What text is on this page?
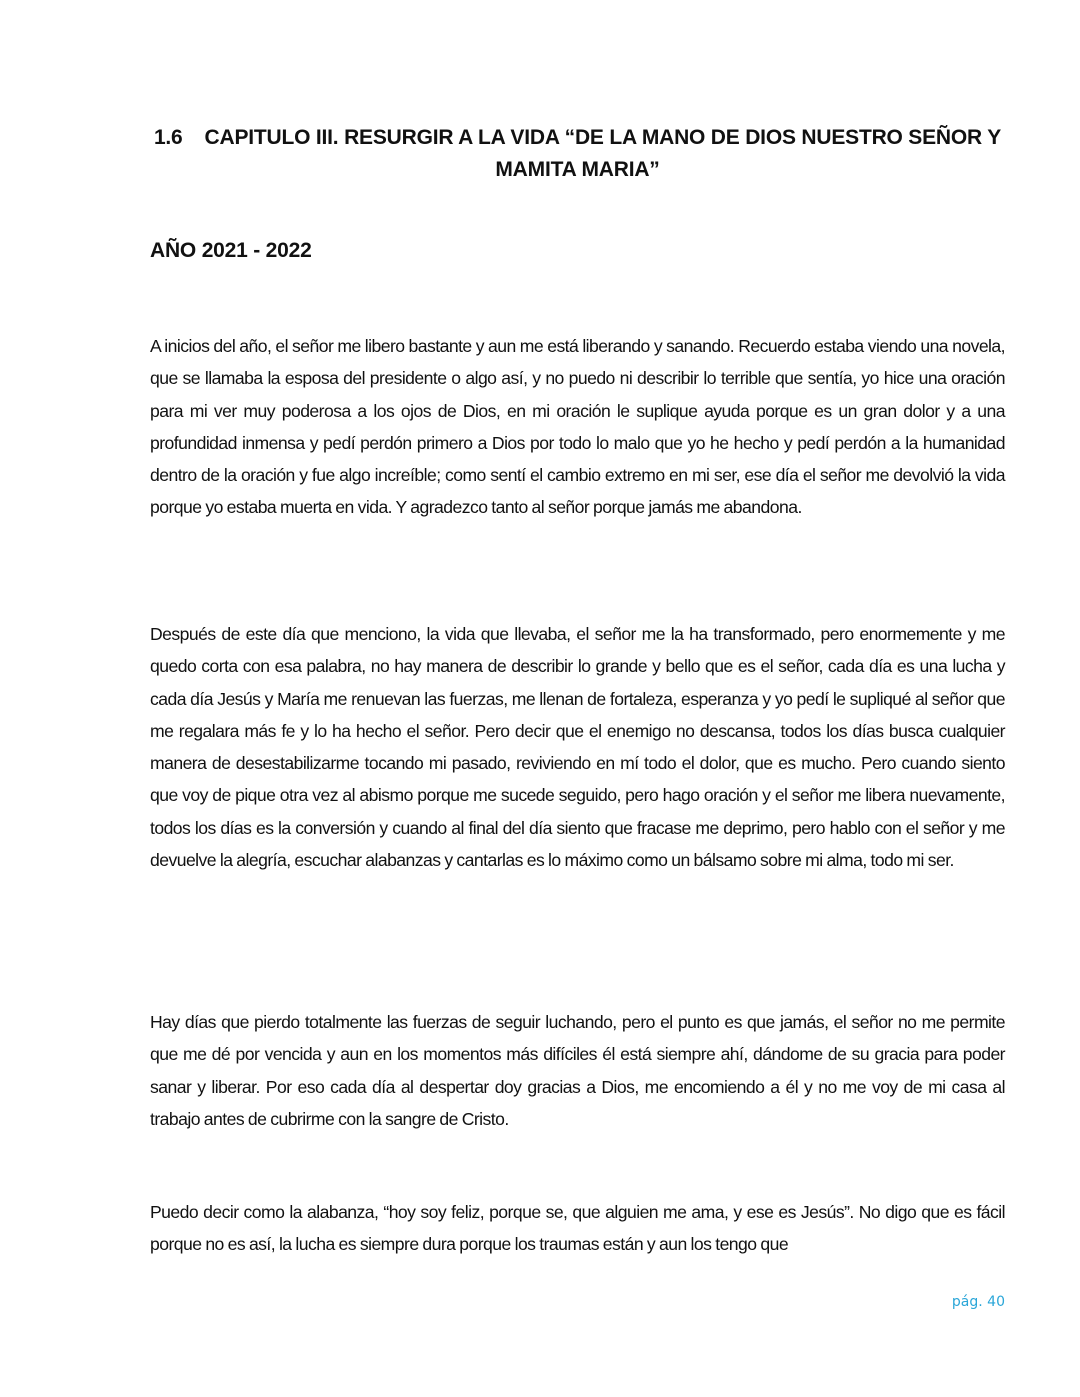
1.6 CAPITULO III. RESURGIR A LA VIDA “DE LA MANO DE DIOS NUESTRO SEÑOR Y MAMITA MARIA”
AÑO 2021 - 2022

A inicios del año, el señor me libero bastante y aun me está liberando y sanando. Recuerdo estaba viendo una novela, que se llamaba la esposa del presidente o algo así, y no puedo ni describir lo terrible que sentía, yo hice una oración para mi ver muy poderosa a los ojos de Dios, en mi oración le suplique ayuda porque es un gran dolor y a una profundidad inmensa y pedí perdón primero a Dios por todo lo malo que yo he hecho y pedí perdón a la humanidad dentro de la oración y fue algo increíble; como sentí el cambio extremo en mi ser, ese día el señor me devolvió la vida porque yo estaba muerta en vida. Y agradezco tanto al señor porque jamás me abandona.

Después de este día que menciono, la vida que llevaba, el señor me la ha transformado, pero enormemente y me quedo corta con esa palabra, no hay manera de describir lo grande y bello que es el señor, cada día es una lucha y cada día Jesús y María me renuevan las fuerzas, me llenan de fortaleza, esperanza y yo pedí le supliqué al señor que me regalara más fe y lo ha hecho el señor. Pero decir que el enemigo no descansa, todos los días busca cualquier manera de desestabilizarme tocando mi pasado, reviviendo en mí todo el dolor, que es mucho. Pero cuando siento que voy de pique otra vez al abismo porque me sucede seguido, pero hago oración y el señor me libera nuevamente, todos los días es la conversión y cuando al final del día siento que fracase me deprimo, pero hablo con el señor y me devuelve la alegría, escuchar alabanzas y cantarlas es lo máximo como un bálsamo sobre mi alma, todo mi ser.

Hay días que pierdo totalmente las fuerzas de seguir luchando, pero el punto es que jamás, el señor no me permite que me dé por vencida y aun en los momentos más difíciles él está siempre ahí, dándome de su gracia para poder sanar y liberar. Por eso cada día al despertar doy gracias a Dios, me encomiendo a él y no me voy de mi casa al trabajo antes de cubrirme con la sangre de Cristo.

Puedo decir como la alabanza, “hoy soy feliz, porque se, que alguien me ama, y ese es Jesús”. No digo que es fácil porque no es así, la lucha es siempre dura porque los traumas están y aun los tengo que

pág. 40
